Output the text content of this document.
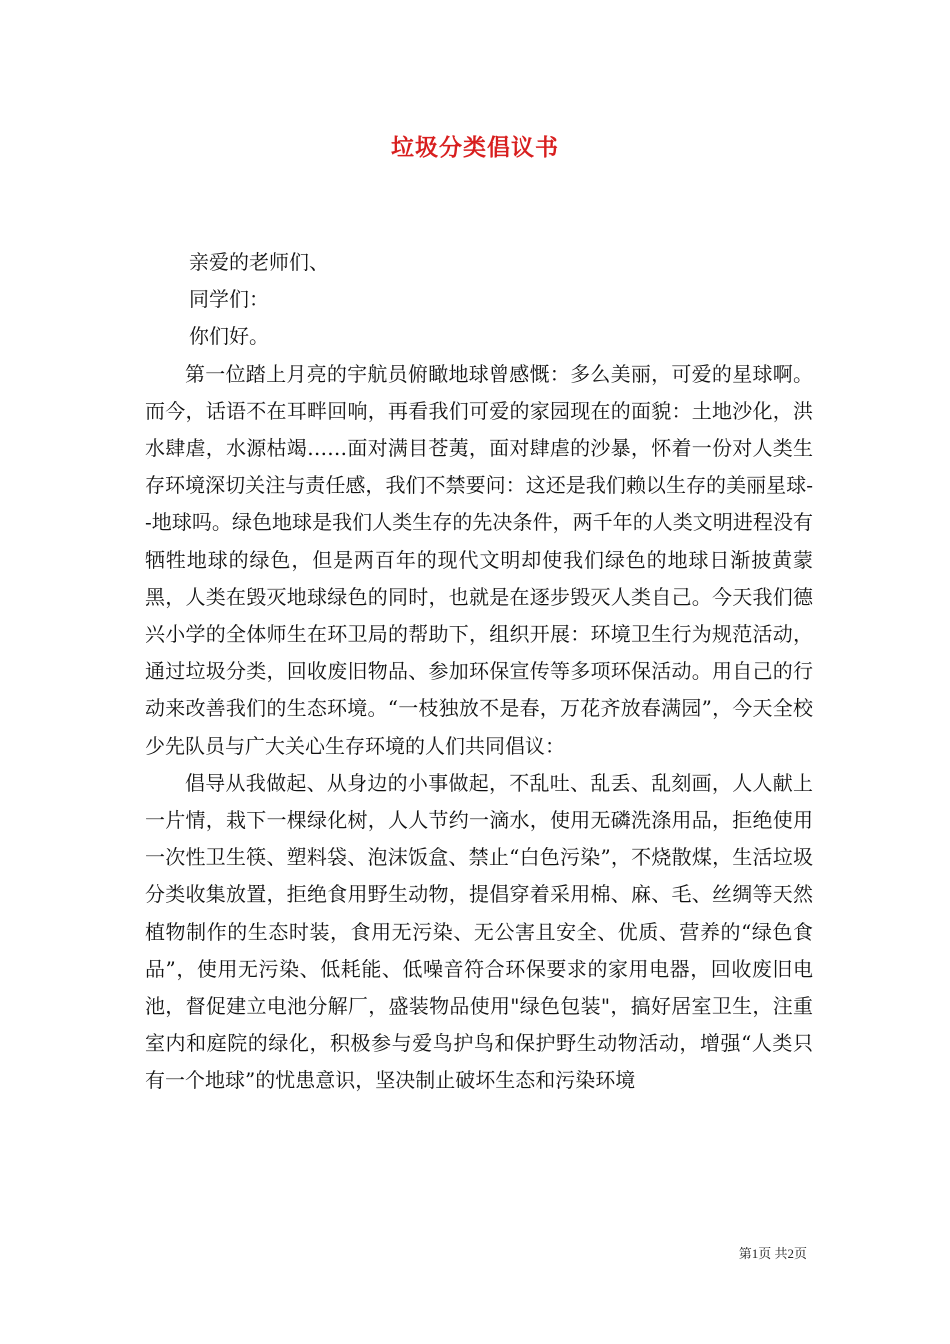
垃圾分类倡议书

亲爱的老师们、

同学们：

你们好。

第一位踏上月亮的宇航员俯瞰地球曾感慨：多么美丽，可爱的星球啊。而今，话语不在耳畔回响，再看我们可爱的家园现在的面貌：土地沙化，洪水肆虐，水源枯竭……面对满目苍荑，面对肆虐的沙暴，怀着一份对人类生存环境深切关注与责任感，我们不禁要问：这还是我们赖以生存的美丽星球--地球吗。绿色地球是我们人类生存的先决条件，两千年的人类文明进程没有牺牲地球的绿色，但是两百年的现代文明却使我们绿色的地球日渐披黄蒙黑，人类在毁灭地球绿色的同时，也就是在逐步毁灭人类自己。今天我们德兴小学的全体师生在环卫局的帮助下，组织开展：环境卫生行为规范活动，通过垃圾分类，回收废旧物品、参加环保宣传等多项环保活动。用自己的行动来改善我们的生态环境。“一枝独放不是春，万花齐放春满园”，今天全校少先队员与广大关心生存环境的人们共同倡议：

倡导从我做起、从身边的小事做起，不乱吐、乱丢、乱刻画，人人献上一片情，栽下一棵绿化树，人人节约一滴水，使用无磷洗涤用品，拒绝使用一次性卫生筷、塑料袋、泡沫饭盒、禁止“白色污染”，不烧散煤，生活垃圾分类收集放置，拒绝食用野生动物，提倡穿着采用棉、麻、毛、丝绸等天然植物制作的生态时装，食用无污染、无公害且安全、优质、营养的“绿色食品”，使用无污染、低耗能、低噪音符合环保要求的家用电器，回收废旧电池，督促建立电池分解厂，盛装物品使用"绿色包装"，搞好居室卫生，注重室内和庭院的绿化，积极参与爱鸟护鸟和保护野生动物活动，增强“人类只有一个地球”的忧患意识，坚决制止破坏生态和污染环境

第1页 共2页
